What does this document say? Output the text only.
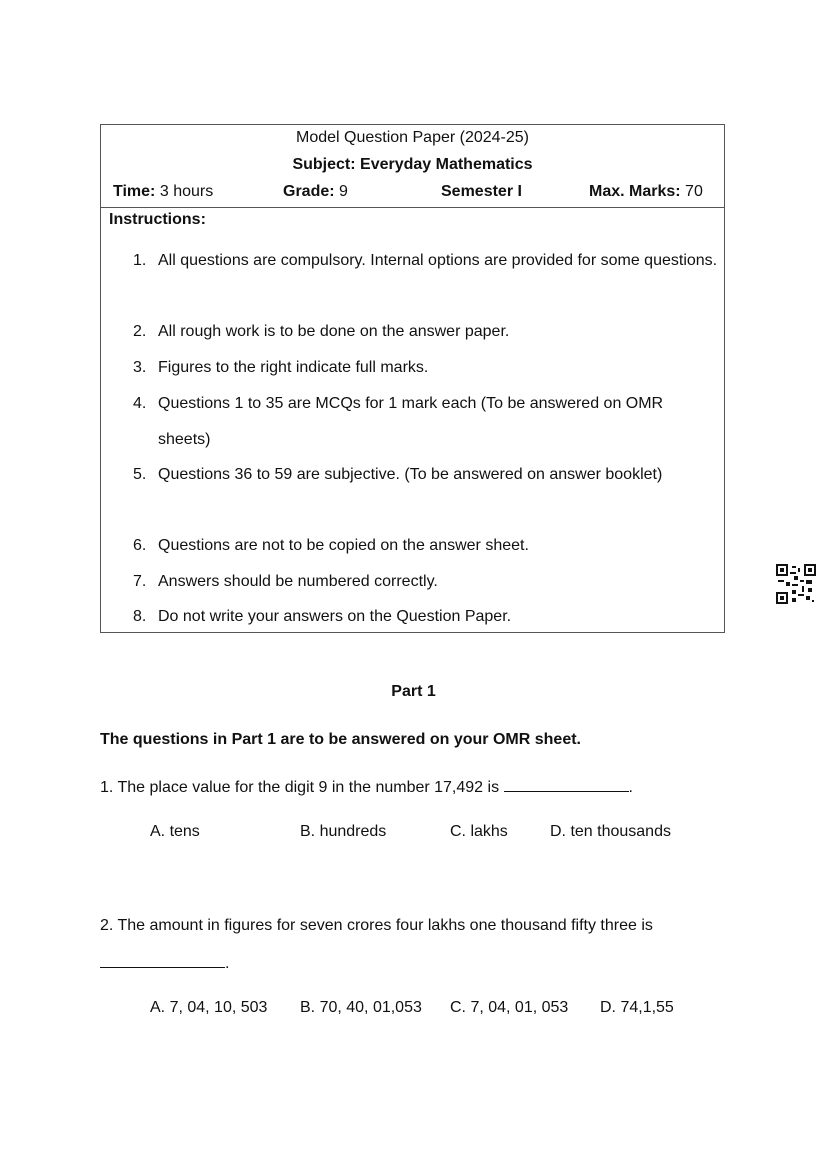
Model Question Paper (2024-25)
Subject: Everyday Mathematics
Time: 3 hours	Grade: 9	Semester I	Max. Marks: 70
Instructions:
1. All questions are compulsory. Internal options are provided for some questions.
2. All rough work is to be done on the answer paper.
3. Figures to the right indicate full marks.
4. Questions 1 to 35 are MCQs for 1 mark each (To be answered on OMR sheets)
5. Questions 36 to 59 are subjective. (To be answered on answer booklet)
6. Questions are not to be copied on the answer sheet.
7. Answers should be numbered correctly.
8. Do not write your answers on the Question Paper.
Part 1
The questions in Part 1 are to be answered on your OMR sheet.
1. The place value for the digit 9 in the number 17,492 is	.
A. tens	B. hundreds	C. lakhs	D. ten thousands
2. The amount in figures for seven crores four lakhs one thousand fifty three is
.
A. 7, 04, 10, 503 B. 70, 40, 01,053 C. 7, 04, 01, 053 D. 74,1,55
